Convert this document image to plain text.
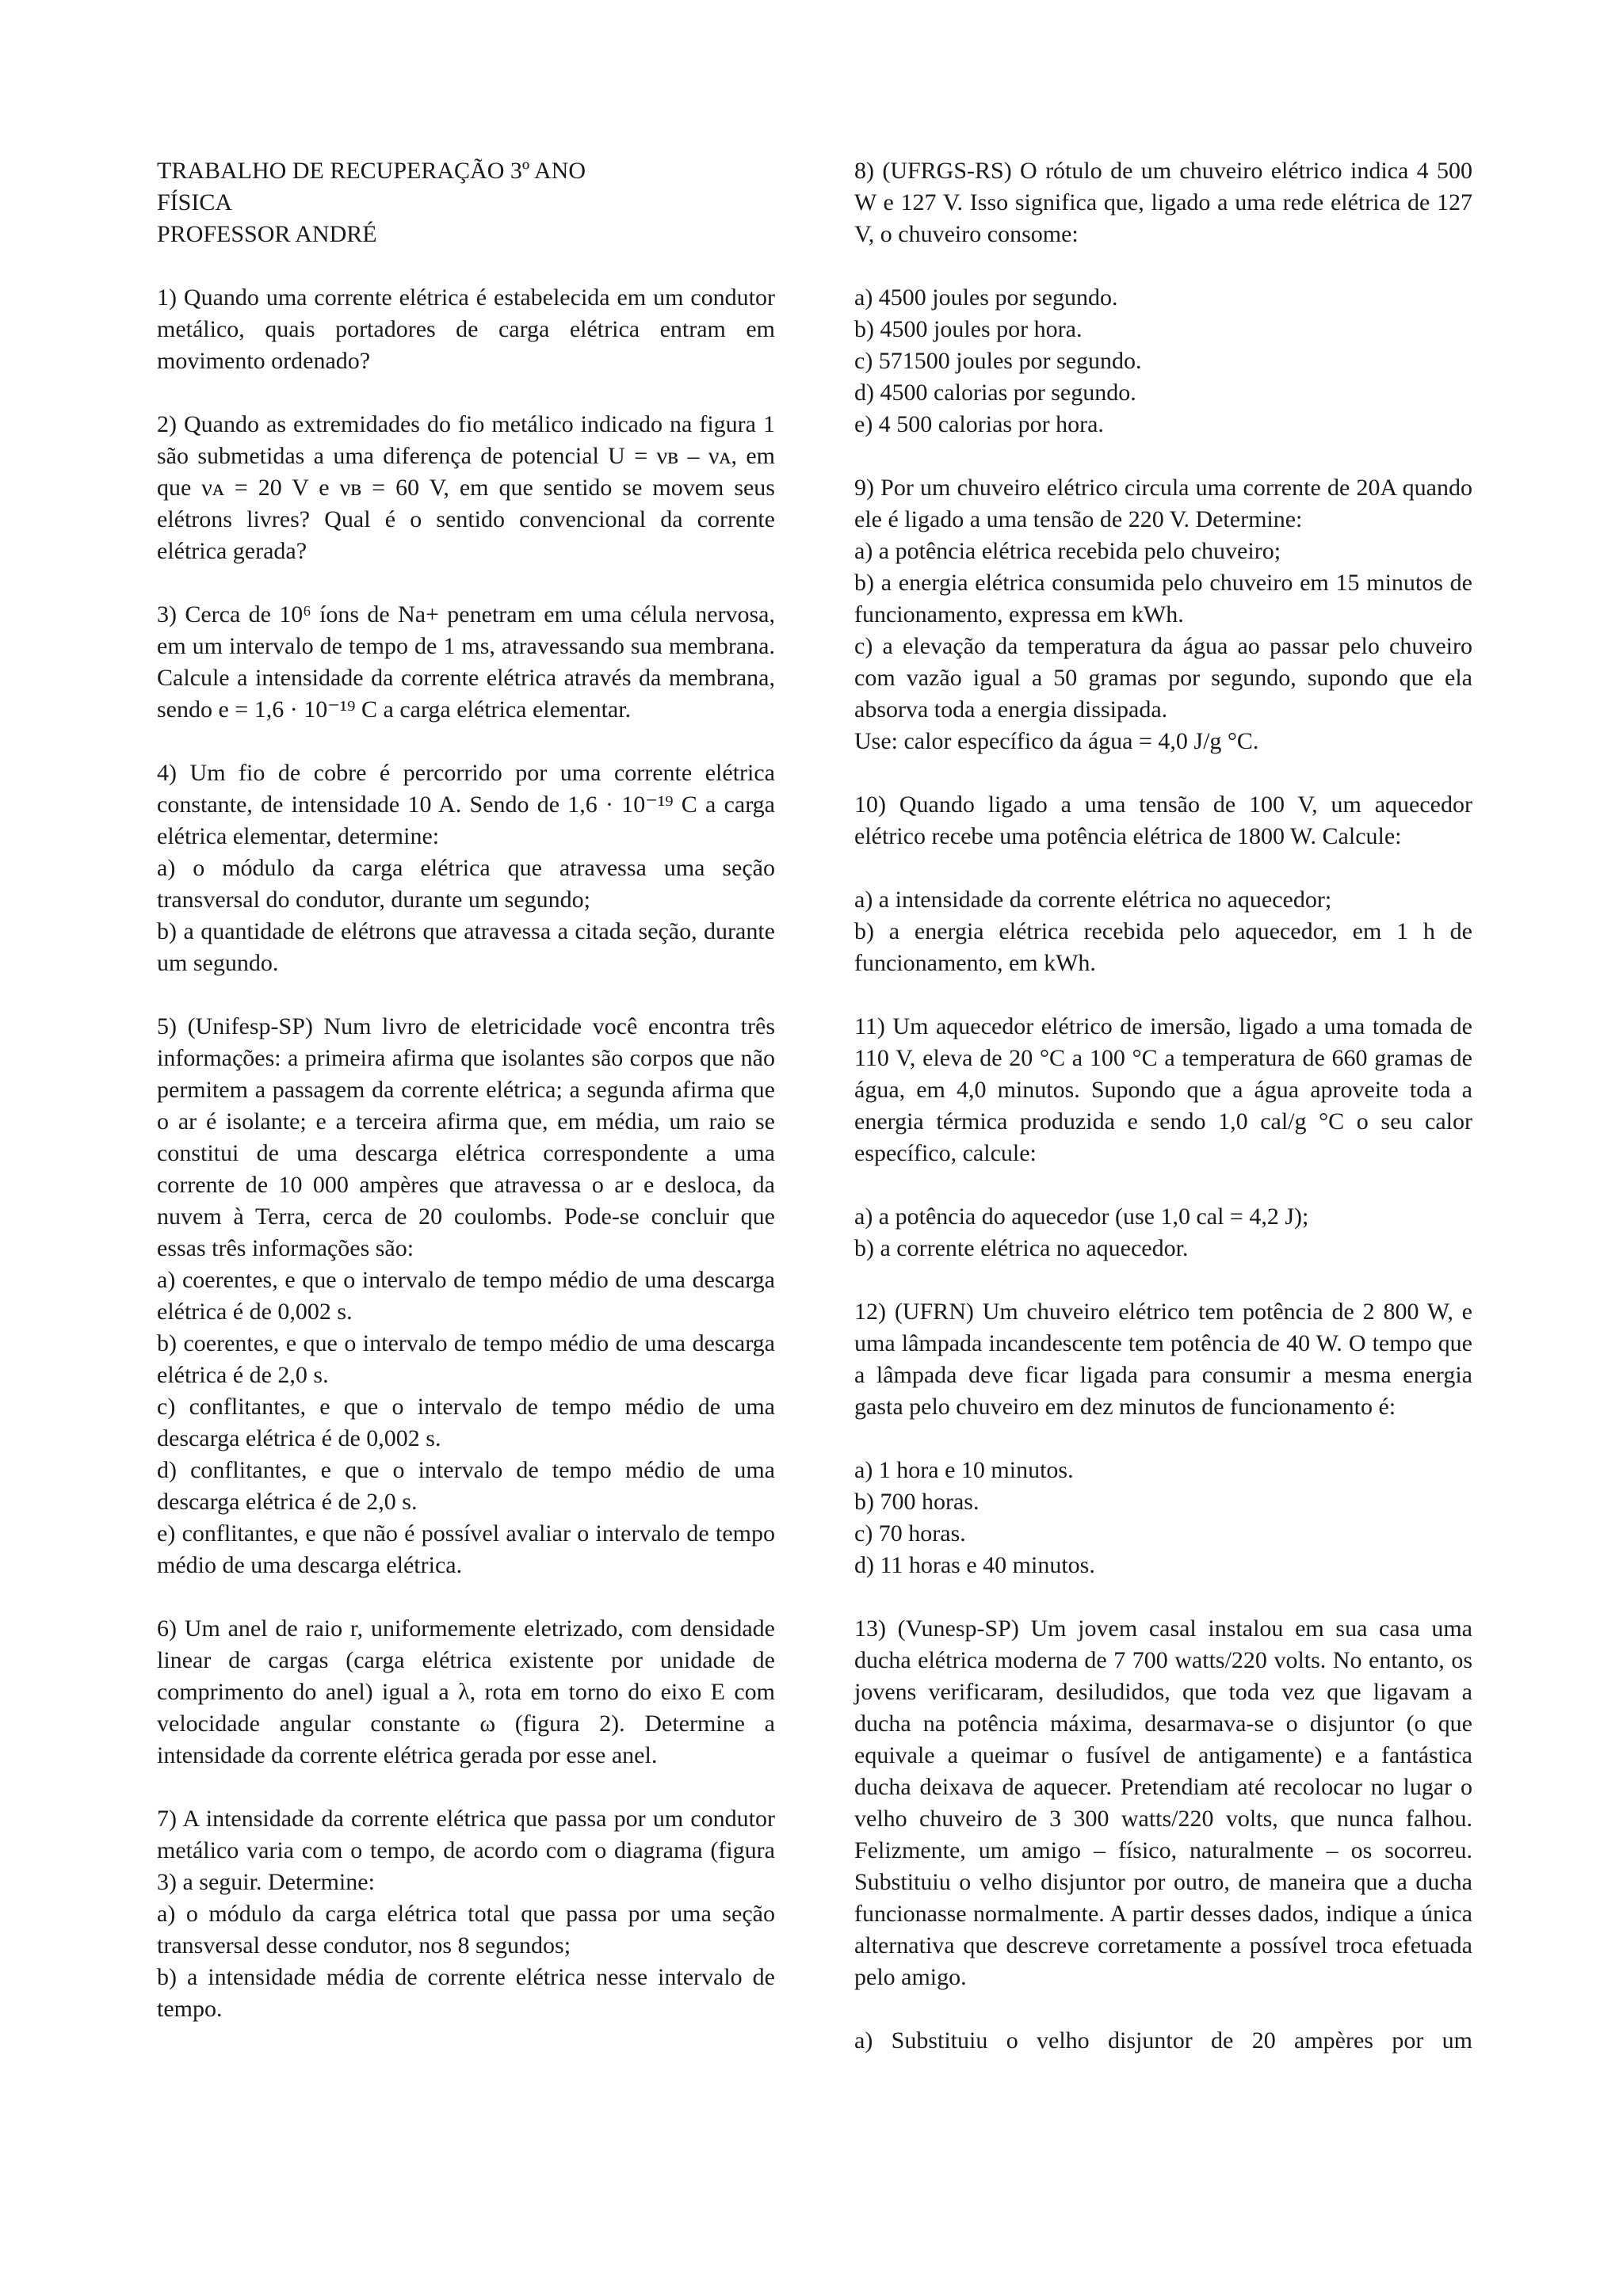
TRABALHO DE RECUPERAÇÃO 3º ANO
FÍSICA
PROFESSOR ANDRÉ
1) Quando uma corrente elétrica é estabelecida em um condutor metálico, quais portadores de carga elétrica entram em movimento ordenado?
2) Quando as extremidades do fio metálico indicado na figura 1 são submetidas a uma diferença de potencial U = νʙ – νᴀ, em que νᴀ = 20 V e νʙ = 60 V, em que sentido se movem seus elétrons livres? Qual é o sentido convencional da corrente elétrica gerada?
3) Cerca de 10⁶ íons de Na+ penetram em uma célula nervosa, em um intervalo de tempo de 1 ms, atravessando sua membrana. Calcule a intensidade da corrente elétrica através da membrana, sendo e = 1,6 · 10⁻¹⁹ C a carga elétrica elementar.
4) Um fio de cobre é percorrido por uma corrente elétrica constante, de intensidade 10 A. Sendo de 1,6 · 10⁻¹⁹ C a carga elétrica elementar, determine:
a) o módulo da carga elétrica que atravessa uma seção transversal do condutor, durante um segundo;
b) a quantidade de elétrons que atravessa a citada seção, durante um segundo.
5) (Unifesp-SP) Num livro de eletricidade você encontra três informações: a primeira afirma que isolantes são corpos que não permitem a passagem da corrente elétrica; a segunda afirma que o ar é isolante; e a terceira afirma que, em média, um raio se constitui de uma descarga elétrica correspondente a uma corrente de 10 000 ampères que atravessa o ar e desloca, da nuvem à Terra, cerca de 20 coulombs. Pode-se concluir que essas três informações são:
a) coerentes, e que o intervalo de tempo médio de uma descarga elétrica é de 0,002 s.
b) coerentes, e que o intervalo de tempo médio de uma descarga elétrica é de 2,0 s.
c) conflitantes, e que o intervalo de tempo médio de uma descarga elétrica é de 0,002 s.
d) conflitantes, e que o intervalo de tempo médio de uma descarga elétrica é de 2,0 s.
e) conflitantes, e que não é possível avaliar o intervalo de tempo médio de uma descarga elétrica.
6) Um anel de raio r, uniformemente eletrizado, com densidade linear de cargas (carga elétrica existente por unidade de comprimento do anel) igual a λ, rota em torno do eixo E com velocidade angular constante ω (figura 2). Determine a intensidade da corrente elétrica gerada por esse anel.
7) A intensidade da corrente elétrica que passa por um condutor metálico varia com o tempo, de acordo com o diagrama (figura 3) a seguir. Determine:
a) o módulo da carga elétrica total que passa por uma seção transversal desse condutor, nos 8 segundos;
b) a intensidade média de corrente elétrica nesse intervalo de tempo.
8) (UFRGS-RS) O rótulo de um chuveiro elétrico indica 4 500 W e 127 V. Isso significa que, ligado a uma rede elétrica de 127 V, o chuveiro consome:
a) 4500 joules por segundo.
b) 4500 joules por hora.
c) 571500 joules por segundo.
d) 4500 calorias por segundo.
e) 4 500 calorias por hora.
9) Por um chuveiro elétrico circula uma corrente de 20A quando ele é ligado a uma tensão de 220 V. Determine:
a) a potência elétrica recebida pelo chuveiro;
b) a energia elétrica consumida pelo chuveiro em 15 minutos de funcionamento, expressa em kWh.
c) a elevação da temperatura da água ao passar pelo chuveiro com vazão igual a 50 gramas por segundo, supondo que ela absorva toda a energia dissipada.
Use: calor específico da água = 4,0 J/g °C.
10) Quando ligado a uma tensão de 100 V, um aquecedor elétrico recebe uma potência elétrica de 1800 W. Calcule:
a) a intensidade da corrente elétrica no aquecedor;
b) a energia elétrica recebida pelo aquecedor, em 1 h de funcionamento, em kWh.
11) Um aquecedor elétrico de imersão, ligado a uma tomada de 110 V, eleva de 20 °C a 100 °C a temperatura de 660 gramas de água, em 4,0 minutos. Supondo que a água aproveite toda a energia térmica produzida e sendo 1,0 cal/g °C o seu calor específico, calcule:
a) a potência do aquecedor (use 1,0 cal = 4,2 J);
b) a corrente elétrica no aquecedor.
12) (UFRN) Um chuveiro elétrico tem potência de 2 800 W, e uma lâmpada incandescente tem potência de 40 W. O tempo que a lâmpada deve ficar ligada para consumir a mesma energia gasta pelo chuveiro em dez minutos de funcionamento é:
a) 1 hora e 10 minutos.
b) 700 horas.
c) 70 horas.
d) 11 horas e 40 minutos.
13) (Vunesp-SP) Um jovem casal instalou em sua casa uma ducha elétrica moderna de 7 700 watts/220 volts. No entanto, os jovens verificaram, desiludidos, que toda vez que ligavam a ducha na potência máxima, desarmava-se o disjuntor (o que equivale a queimar o fusível de antigamente) e a fantástica ducha deixava de aquecer. Pretendiam até recolocar no lugar o velho chuveiro de 3 300 watts/220 volts, que nunca falhou. Felizmente, um amigo – físico, naturalmente – os socorreu. Substituiu o velho disjuntor por outro, de maneira que a ducha funcionasse normalmente. A partir desses dados, indique a única alternativa que descreve corretamente a possível troca efetuada pelo amigo.
a) Substituiu o velho disjuntor de 20 ampères por um
